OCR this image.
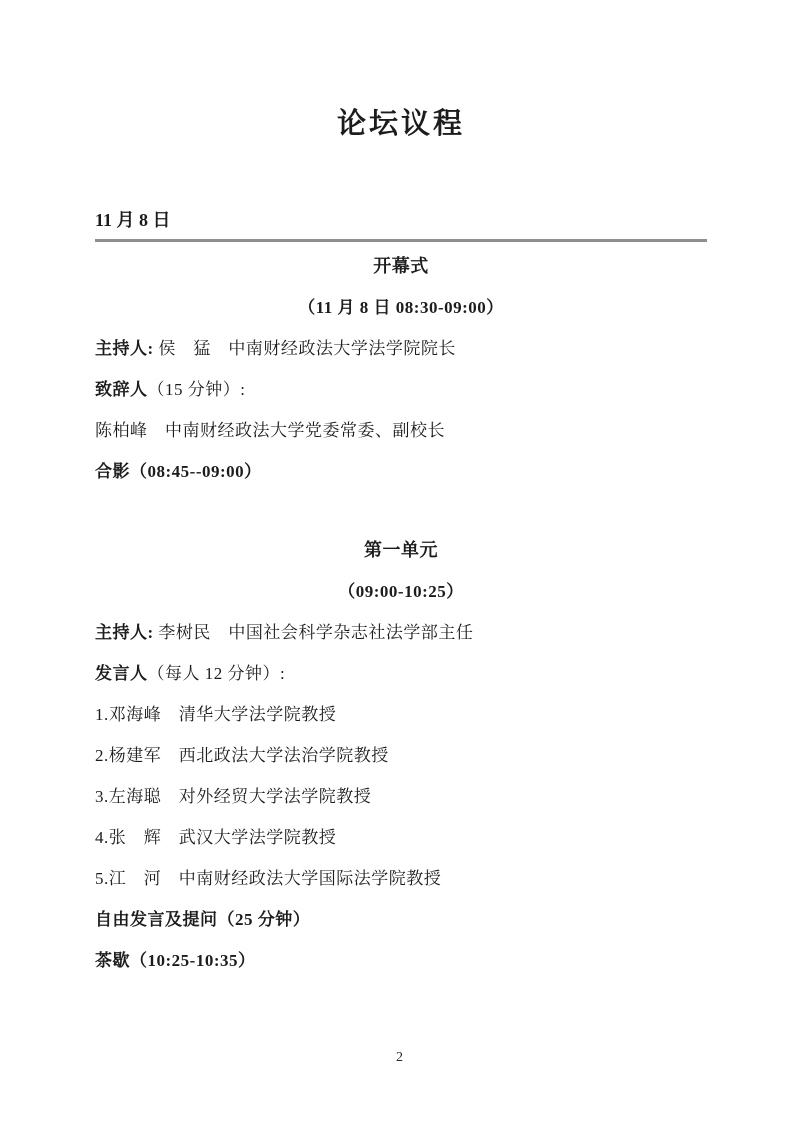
论坛议程

11 月 8 日

开幕式

（11 月 8 日 08:30-09:00）

主持人: 侯　猛　中南财经政法大学法学院院长

致辞人（15 分钟）:

陈柏峰　中南财经政法大学党委常委、副校长

合影（08:45--09:00）

第一单元

（09:00-10:25）

主持人: 李树民　中国社会科学杂志社法学部主任

发言人（每人 12 分钟）:

1.邓海峰　清华大学法学院教授

2.杨建军　西北政法大学法治学院教授

3.左海聪　对外经贸大学法学院教授

4.张　辉　武汉大学法学院教授

5.江　河　中南财经政法大学国际法学院教授

自由发言及提问（25 分钟）

茶歇（10:25-10:35）

2
